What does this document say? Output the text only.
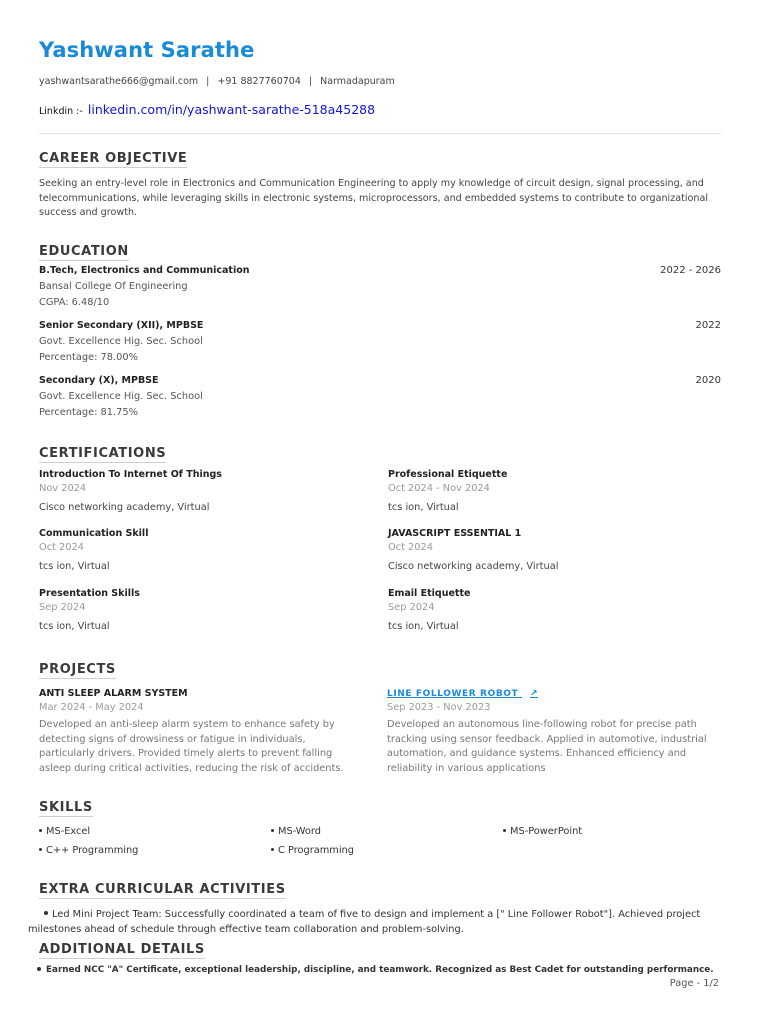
Yashwant Sarathe
yashwantsarathe666@gmail.com | +91 8827760704 | Narmadapuram
Linkdin :- linkedin.com/in/yashwant-sarathe-518a45288
CAREER OBJECTIVE

Seeking an entry-level role in Electronics and Communication Engineering to apply my knowledge of circuit design, signal processing, and telecommunications, while leveraging skills in electronic systems, microprocessors, and embedded systems to contribute to organizational success and growth.

EDUCATION
B.Tech, Electronics and Communication	2022 - 2026
Bansal College Of Engineering
CGPA: 6.48/10
Senior Secondary (XII), MPBSE	2022
Govt. Excellence Hig. Sec. School
Percentage: 78.00%
Secondary (X), MPBSE	2020
Govt. Excellence Hig. Sec. School
Percentage: 81.75%
CERTIFICATIONS
Introduction To Internet Of Things
Nov 2024
Cisco networking academy, Virtual
Professional Etiquette
Oct 2024 - Nov 2024
tcs ion, Virtual
Communication Skill
Oct 2024
tcs ion, Virtual
JAVASCRIPT ESSENTIAL 1
Oct 2024
Cisco networking academy, Virtual
Presentation Skills
Sep 2024
tcs ion, Virtual
Email Etiquette
Sep 2024
tcs ion, Virtual
PROJECTS
ANTI SLEEP ALARM SYSTEM
Mar 2024 - May 2024
Developed an anti-sleep alarm system to enhance safety by detecting signs of drowsiness or fatigue in individuals, particularly drivers. Provided timely alerts to prevent falling asleep during critical activities, reducing the risk of accidents.
LINE FOLLOWER ROBOT ↗
Sep 2023 - Nov 2023
Developed an autonomous line-following robot for precise path tracking using sensor feedback. Applied in automotive, industrial automation, and guidance systems. Enhanced efficiency and reliability in various applications
SKILLS
MS-Excel	MS-Word	MS-PowerPoint
C++ Programming	C Programming
EXTRA CURRICULAR ACTIVITIES

Led Mini Project Team: Successfully coordinated a team of five to design and implement a [" Line Follower Robot"]. Achieved project milestones ahead of schedule through effective team collaboration and problem-solving.

ADDITIONAL DETAILS
Earned NCC "A" Certificate, exceptional leadership, discipline, and teamwork. Recognized as Best Cadet for outstanding performance.
Page - 1/2
